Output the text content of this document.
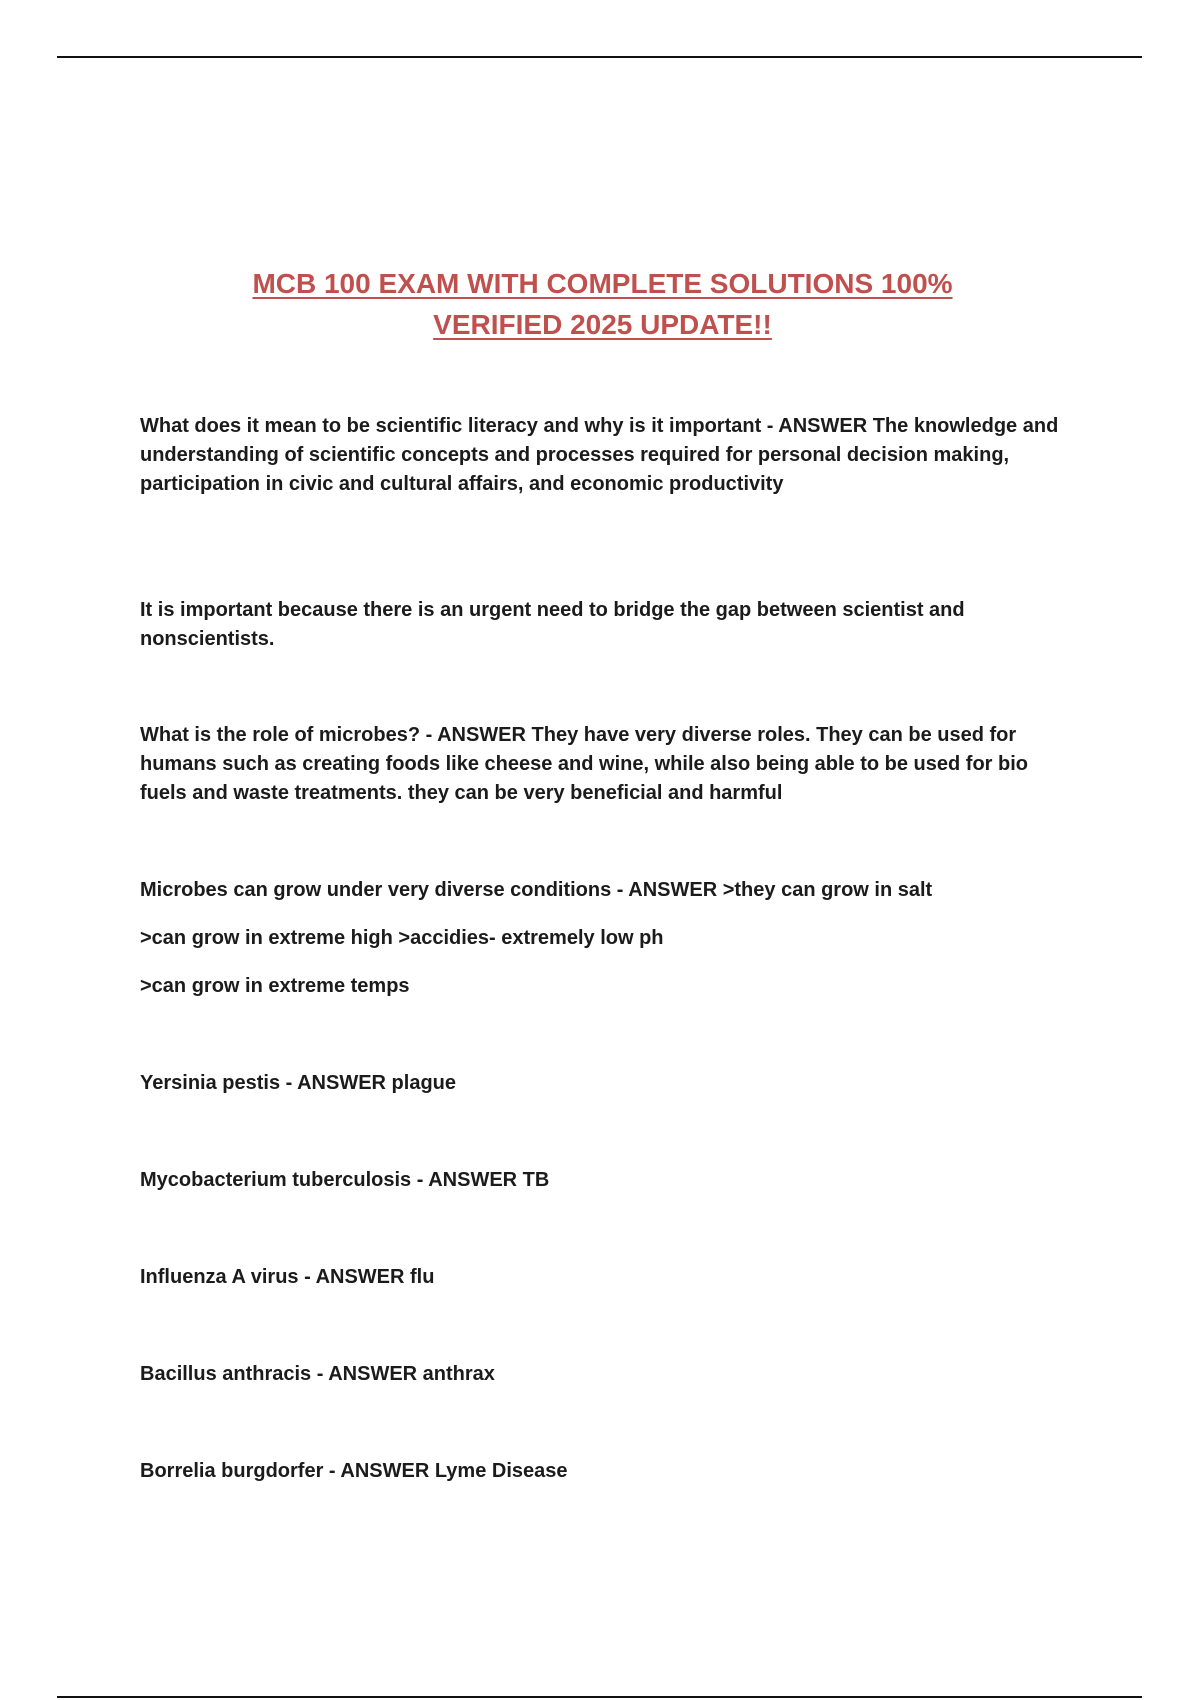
MCB 100 EXAM WITH COMPLETE SOLUTIONS 100%
VERIFIED 2025 UPDATE!!

What does it mean to be scientific literacy and why is it important - ANSWER The knowledge and understanding of scientific concepts and processes required for personal decision making, participation in civic and cultural affairs, and economic productivity

It is important because there is an urgent need to bridge the gap between scientist and nonscientists.

What is the role of microbes? - ANSWER They have very diverse roles. They can be used for humans such as creating foods like cheese and wine, while also being able to be used for bio fuels and waste treatments. they can be very beneficial and harmful

Microbes can grow under very diverse conditions - ANSWER >they can grow in salt

>can grow in extreme high >accidies- extremely low ph

>can grow in extreme temps

Yersinia pestis - ANSWER plague

Mycobacterium tuberculosis - ANSWER TB

Influenza A virus - ANSWER flu

Bacillus anthracis - ANSWER anthrax

Borrelia burgdorfer - ANSWER Lyme Disease
